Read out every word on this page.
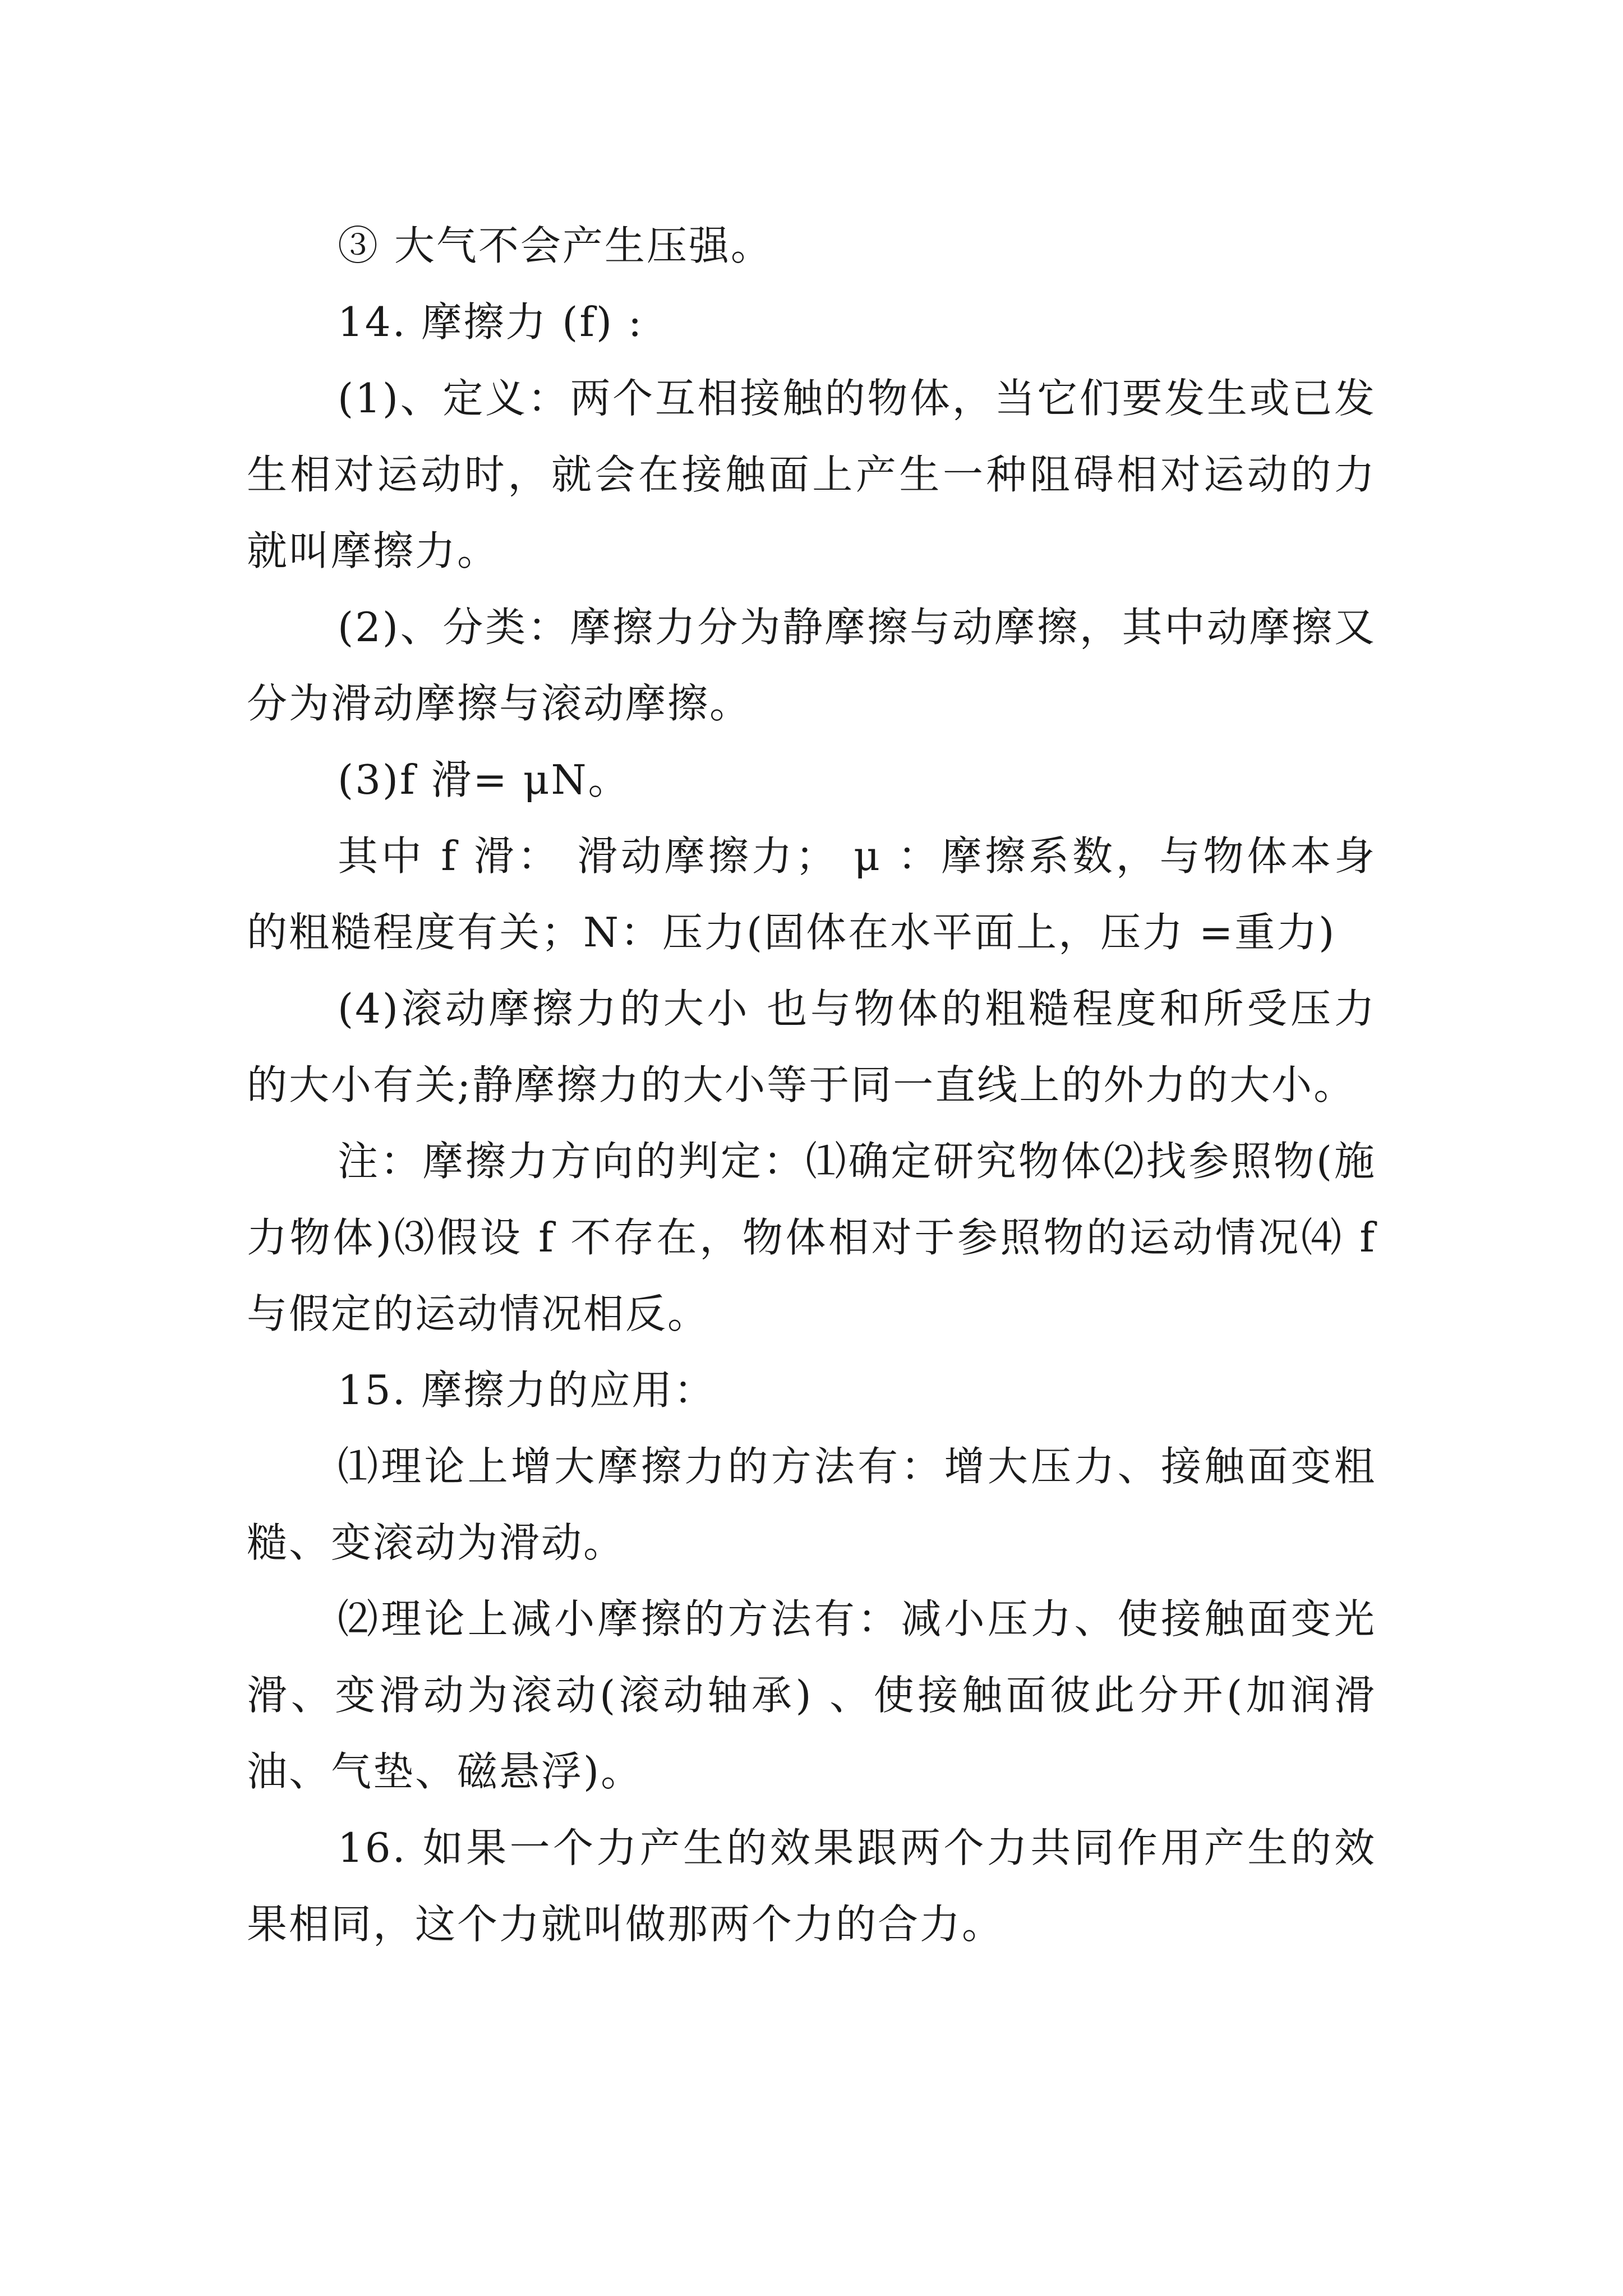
③ 大气不会产生压强。

14. 摩擦力 (f) :

(1)、定义：两个互相接触的物体，当它们要发生或已发生相对运动时，就会在接触面上产生一种阻碍相对运动的力就叫摩擦力。

(2)、分类：摩擦力分为静摩擦与动摩擦，其中动摩擦又分为滑动摩擦与滚动摩擦。

(3)f 滑= μN。

其中 f 滑： 滑动摩擦力； μ ：摩擦系数，与物体本身的粗糙程度有关；N：压力(固体在水平面上，压力 =重力)

(4)滚动摩擦力的大小 也与物体的粗糙程度和所受压力的大小有关;静摩擦力的大小等于同一直线上的外力的大小。

注：摩擦力方向的判定：⑴确定研究物体⑵找参照物(施力物体)⑶假设 f 不存在，物体相对于参照物的运动情况⑷ f 与假定的运动情况相反。

15. 摩擦力的应用：

⑴理论上增大摩擦力的方法有：增大压力、接触面变粗糙、变滚动为滑动。

⑵理论上减小摩擦的方法有：减小压力、使接触面变光滑、变滑动为滚动(滚动轴承) 、使接触面彼此分开(加润滑油、气垫、磁悬浮)。

16. 如果一个力产生的效果跟两个力共同作用产生的效果相同，这个力就叫做那两个力的合力。
